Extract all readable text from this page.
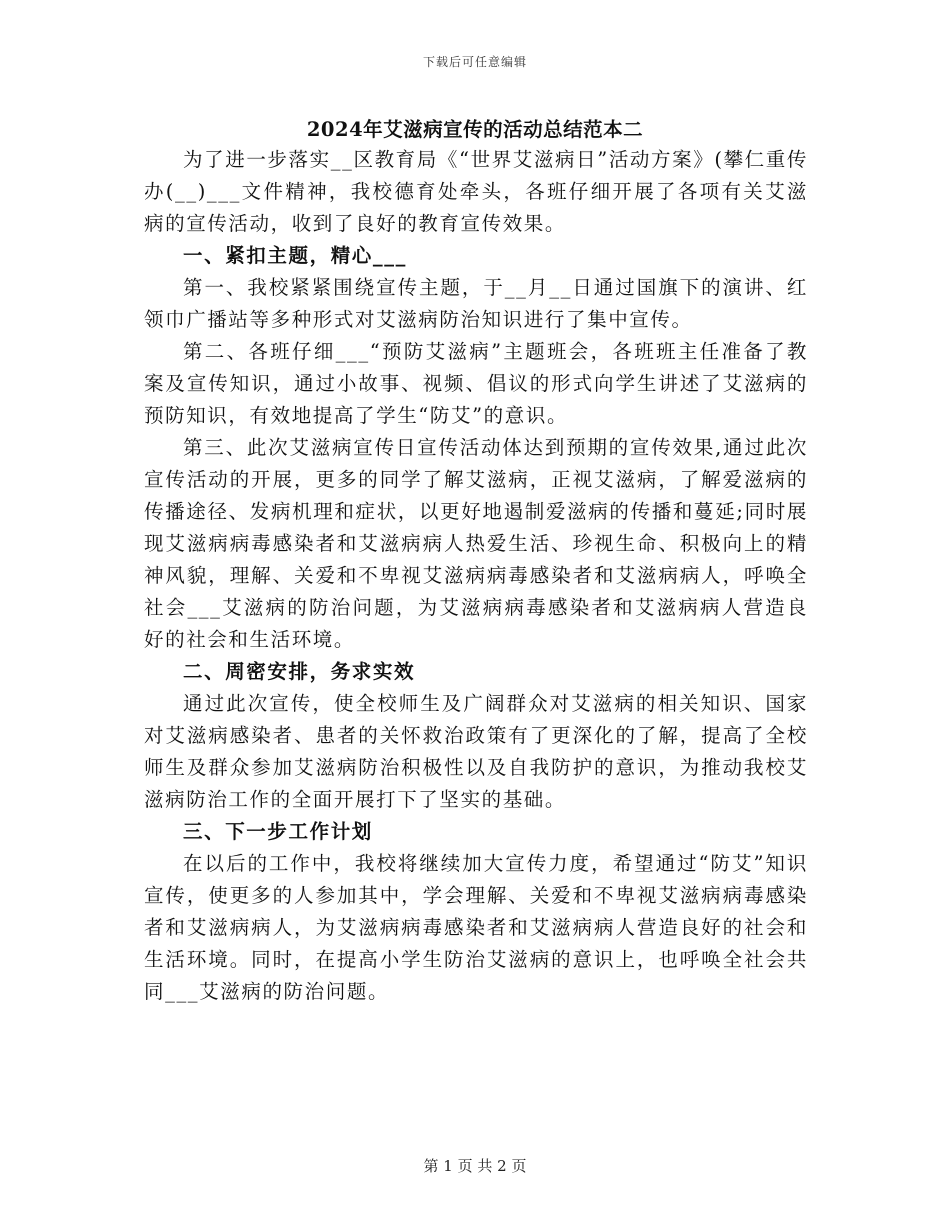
下载后可任意编辑
2024年艾滋病宣传的活动总结范本二

为了进一步落实__区教育局《“世界艾滋病日”活动方案》(攀仁重传办(__)___文件精神，我校德育处牵头，各班仔细开展了各项有关艾滋病的宣传活动，收到了良好的教育宣传效果。

一、紧扣主题，精心___

第一、我校紧紧围绕宣传主题，于__月__日通过国旗下的演讲、红领巾广播站等多种形式对艾滋病防治知识进行了集中宣传。

第二、各班仔细___“预防艾滋病”主题班会，各班班主任准备了教案及宣传知识，通过小故事、视频、倡议的形式向学生讲述了艾滋病的预防知识，有效地提高了学生“防艾”的意识。

第三、此次艾滋病宣传日宣传活动体达到预期的宣传效果,通过此次宣传活动的开展，更多的同学了解艾滋病，正视艾滋病，了解爱滋病的传播途径、发病机理和症状，以更好地遏制爱滋病的传播和蔓延;同时展现艾滋病病毒感染者和艾滋病病人热爱生活、珍视生命、积极向上的精神风貌，理解、关爱和不卑视艾滋病病毒感染者和艾滋病病人，呼唤全社会___艾滋病的防治问题，为艾滋病病毒感染者和艾滋病病人营造良好的社会和生活环境。

二、周密安排，务求实效

通过此次宣传，使全校师生及广阔群众对艾滋病的相关知识、国家对艾滋病感染者、患者的关怀救治政策有了更深化的了解，提高了全校师生及群众参加艾滋病防治积极性以及自我防护的意识，为推动我校艾滋病防治工作的全面开展打下了坚实的基础。

三、下一步工作计划

在以后的工作中，我校将继续加大宣传力度，希望通过“防艾”知识宣传，使更多的人参加其中，学会理解、关爱和不卑视艾滋病病毒感染者和艾滋病病人，为艾滋病病毒感染者和艾滋病病人营造良好的社会和生活环境。同时，在提高小学生防治艾滋病的意识上，也呼唤全社会共同___艾滋病的防治问题。

第 1 页 共 2 页
